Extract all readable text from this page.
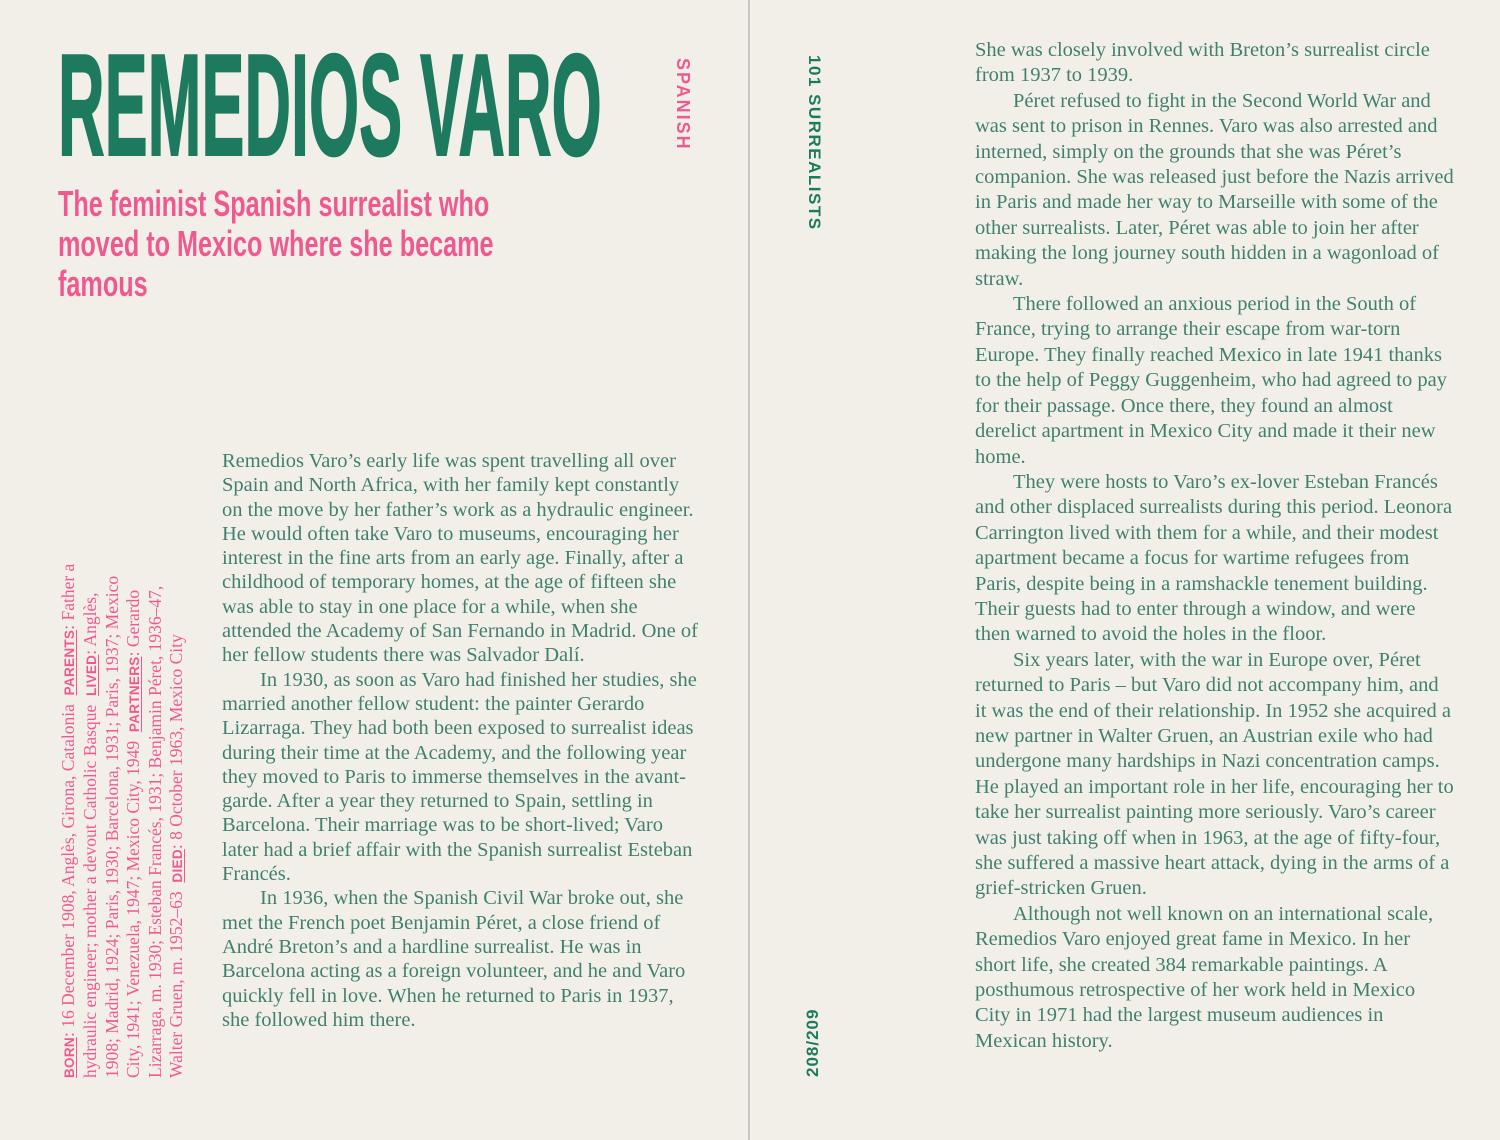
REMEDIOS VARO
The feminist Spanish surrealist who moved to Mexico where she became famous
SPANISH
BORN: 16 December 1908, Anglès, Girona, CataloniaPARENTS: Father a hydraulic engineer; mother a devout Catholic BasqueLIVED: Anglès, 1908; Madrid, 1924; Paris, 1930; Barcelona, 1931; Paris, 1937; Mexico City, 1941; Venezuela, 1947; Mexico City, 1949PARTNERS: Gerardo Lizarraga, m. 1930; Esteban Francés, 1931; Benjamin Péret, 1936–47, Walter Gruen, m. 1952–63DIED: 8 October 1963, Mexico City

Remedios Varo’s early life was spent travelling all over Spain and North Africa, with her family kept constantly on the move by her father’s work as a hydraulic engineer. He would often take Varo to museums, encouraging her interest in the fine arts from an early age. Finally, after a childhood of temporary homes, at the age of fifteen she was able to stay in one place for a while, when she attended the Academy of San Fernando in Madrid. One of her fellow students there was Salvador Dalí.

In 1930, as soon as Varo had finished her studies, she married another fellow student: the painter Gerardo Lizarraga. They had both been exposed to surrealist ideas during their time at the Academy, and the following year they moved to Paris to immerse themselves in the avant-garde. After a year they returned to Spain, settling in Barcelona. Their marriage was to be short-lived; Varo later had a brief affair with the Spanish surrealist Esteban Francés.

In 1936, when the Spanish Civil War broke out, she met the French poet Benjamin Péret, a close friend of André Breton’s and a hardline surrealist. He was in Barcelona acting as a foreign volunteer, and he and Varo quickly fell in love. When he returned to Paris in 1937, she followed him there.

101 SURREALISTS
208/209

She was closely involved with Breton’s surrealist circle from 1937 to 1939.

Péret refused to fight in the Second World War and was sent to prison in Rennes. Varo was also arrested and interned, simply on the grounds that she was Péret’s companion. She was released just before the Nazis arrived in Paris and made her way to Marseille with some of the other surrealists. Later, Péret was able to join her after making the long journey south hidden in a wagonload of straw.

There followed an anxious period in the South of France, trying to arrange their escape from war-torn Europe. They finally reached Mexico in late 1941 thanks to the help of Peggy Guggenheim, who had agreed to pay for their passage. Once there, they found an almost derelict apartment in Mexico City and made it their new home.

They were hosts to Varo’s ex-lover Esteban Francés and other displaced surrealists during this period. Leonora Carrington lived with them for a while, and their modest apartment became a focus for wartime refugees from Paris, despite being in a ramshackle tenement building. Their guests had to enter through a window, and were then warned to avoid the holes in the floor.

Six years later, with the war in Europe over, Péret returned to Paris – but Varo did not accompany him, and it was the end of their relationship. In 1952 she acquired a new partner in Walter Gruen, an Austrian exile who had undergone many hardships in Nazi concentration camps. He played an important role in her life, encouraging her to take her surrealist painting more seriously. Varo’s career was just taking off when in 1963, at the age of fifty-four, she suffered a massive heart attack, dying in the arms of a grief-stricken Gruen.

Although not well known on an international scale, Remedios Varo enjoyed great fame in Mexico. In her short life, she created 384 remarkable paintings. A posthumous retrospective of her work held in Mexico City in 1971 had the largest museum audiences in Mexican history.
